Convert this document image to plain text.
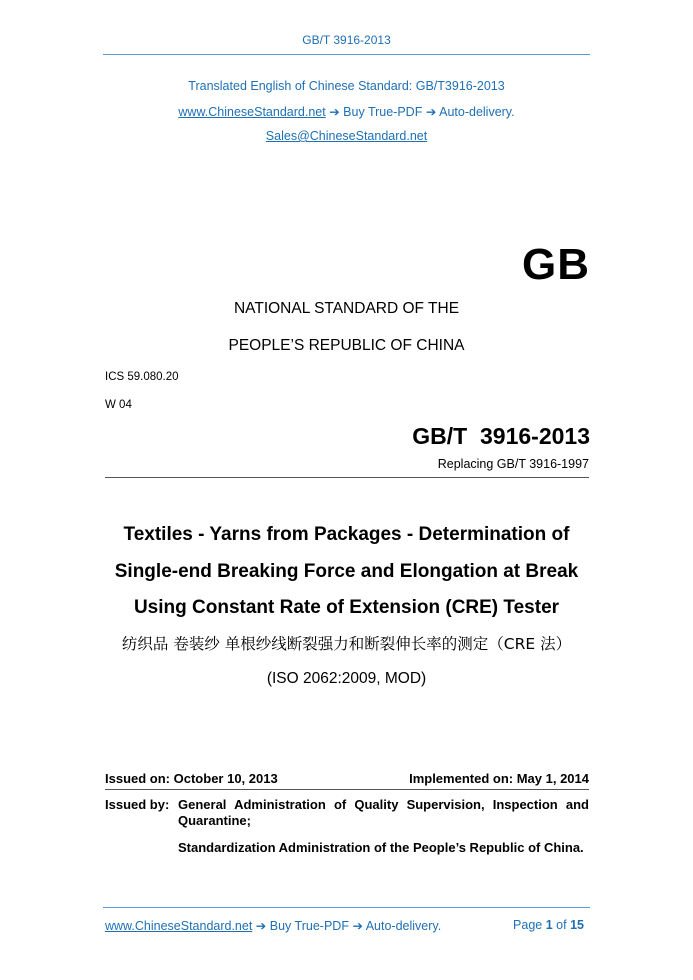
GB/T 3916-2013
Translated English of Chinese Standard: GB/T3916-2013
www.ChineseStandard.net ➔ Buy True-PDF ➔ Auto-delivery.
Sales@ChineseStandard.net
GB
NATIONAL STANDARD OF THE
PEOPLE’S REPUBLIC OF CHINA
ICS 59.080.20
W 04
GB/T  3916-2013
Replacing GB/T 3916-1997
Textiles - Yarns from Packages - Determination of
Single-end Breaking Force and Elongation at Break
Using Constant Rate of Extension (CRE) Tester
纺织品 卷装纱 单根纱线断裂强力和断裂伸长率的测定（CRE 法）
(ISO 2062:2009, MOD)
Issued on: October 10, 2013	Implemented on: May 1, 2014
Issued by: General Administration of Quality Supervision, Inspection and Quarantine;
Standardization Administration of the People’s Republic of China.
www.ChineseStandard.net ➔ Buy True-PDF ➔ Auto-delivery.	Page 1 of 15
